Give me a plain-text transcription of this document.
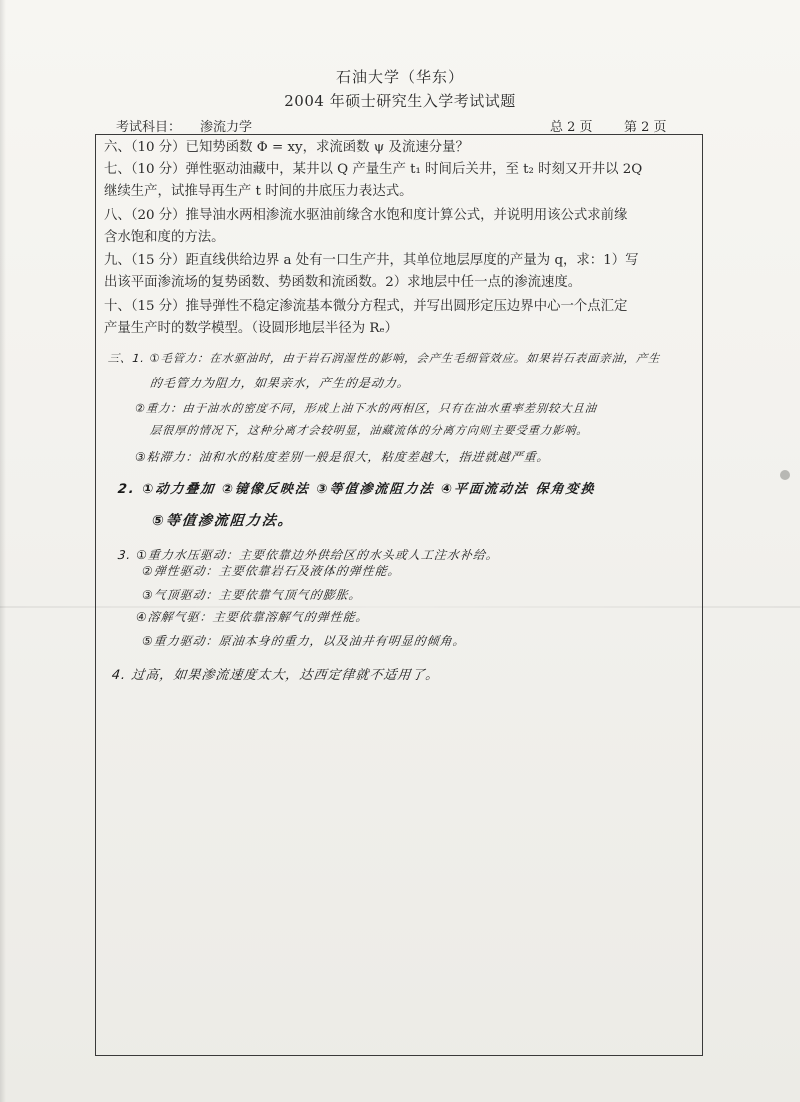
石油大学（华东）
2004 年硕士研究生入学考试试题
考试科目： 渗流力学	总 2 页 第 2 页

六、（10 分）已知势函数 Φ = xy，求流函数 ψ 及流速分量？

七、（10 分）弹性驱动油藏中，某井以 Q 产量生产 t₁ 时间后关井，至 t₂ 时刻又开井以 2Q

继续生产，试推导再生产 t 时间的井底压力表达式。

八、（20 分）推导油水两相渗流水驱油前缘含水饱和度计算公式，并说明用该公式求前缘

含水饱和度的方法。

九、（15 分）距直线供给边界 a 处有一口生产井，其单位地层厚度的产量为 q，求：1）写

出该平面渗流场的复势函数、势函数和流函数。2）求地层中任一点的渗流速度。

十、（15 分）推导弹性不稳定渗流基本微分方程式，并写出圆形定压边界中心一个点汇定

产量生产时的数学模型。（设圆形地层半径为 Rₑ）

三、1. ①毛管力：在水驱油时，由于岩石润湿性的影响，会产生毛细管效应。如果岩石表面亲油，产生
的毛管力为阻力，如果亲水，产生的是动力。
②重力：由于油水的密度不同，形成上油下水的两相区，只有在油水重率差别较大且油
层很厚的情况下，这种分离才会较明显，油藏流体的分离方向则主要受重力影响。
③粘滞力：油和水的粘度差别一般是很大，粘度差越大，指进就越严重。
2. ①动力叠加 ②镜像反映法 ③等值渗流阻力法 ④平面流动法 保角变换
⑤等值渗流阻力法。
3. ①重力水压驱动：主要依靠边外供给区的水头或人工注水补给。
②弹性驱动：主要依靠岩石及液体的弹性能。
③气顶驱动：主要依靠气顶气的膨胀。
④溶解气驱：主要依靠溶解气的弹性能。
⑤重力驱动：原油本身的重力，以及油井有明显的倾角。
4. 过高，如果渗流速度太大，达西定律就不适用了。
